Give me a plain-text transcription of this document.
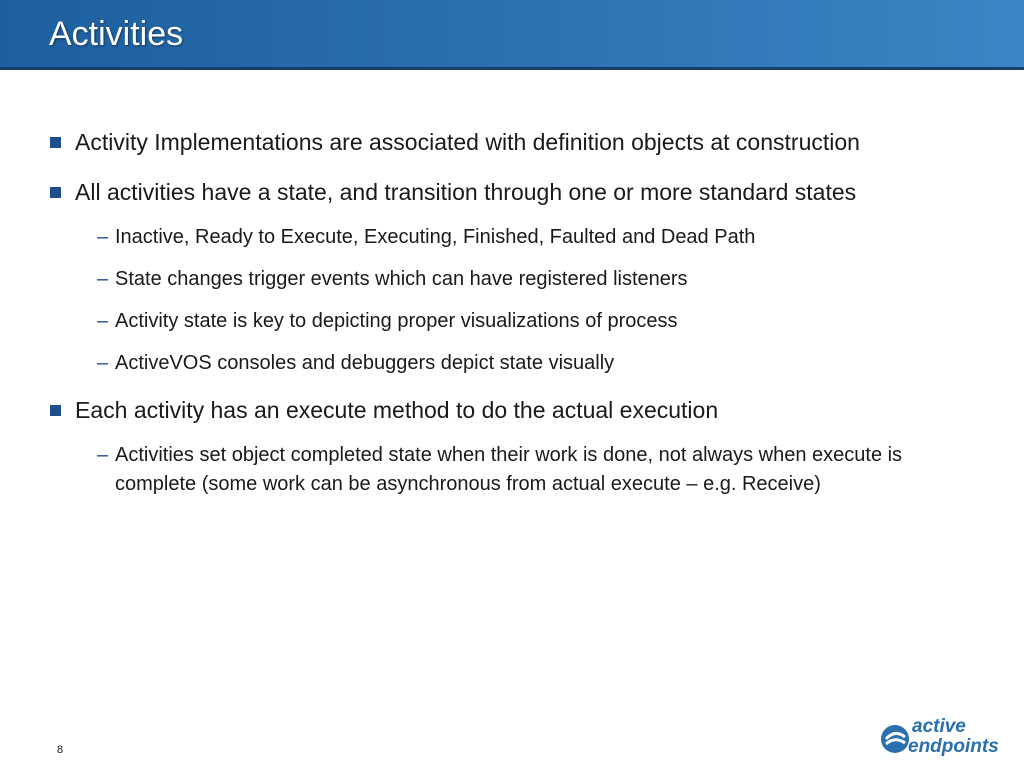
Activities
Activity Implementations are associated with definition objects at construction
All activities have a state, and transition through one or more standard states
– Inactive, Ready to Execute, Executing, Finished, Faulted and Dead Path
– State changes trigger events which can have registered listeners
– Activity state is key to depicting proper visualizations of process
– ActiveVOS consoles and debuggers depict state visually
Each activity has an execute method to do the actual execution
– Activities set object completed state when their work is done, not always when execute is complete (some work can be asynchronous from actual execute – e.g. Receive)
8
active
endpoints
